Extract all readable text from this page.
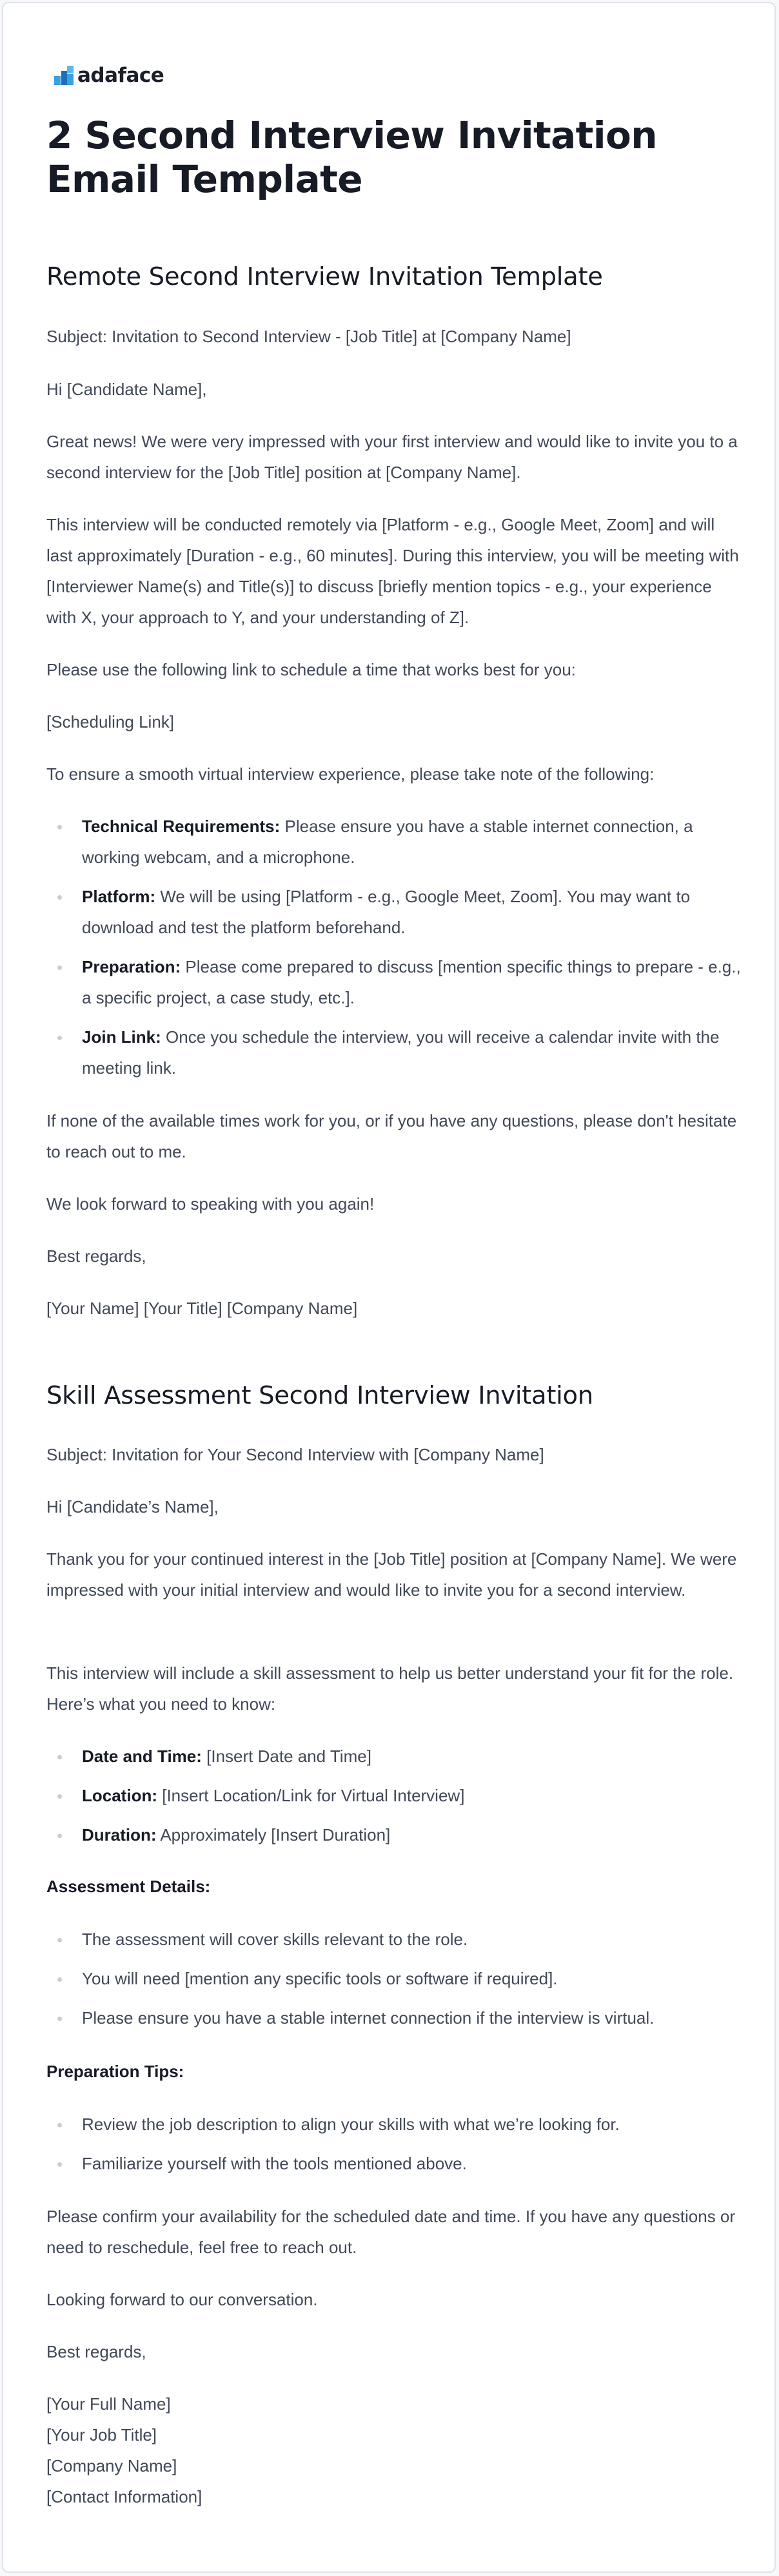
adaface
2 Second Interview Invitation Email Template
Remote Second Interview Invitation Template

Subject: Invitation to Second Interview - [Job Title] at [Company Name]

Hi [Candidate Name],

Great news! We were very impressed with your first interview and would like to invite you to a second interview for the [Job Title] position at [Company Name].

This interview will be conducted remotely via [Platform - e.g., Google Meet, Zoom] and will last approximately [Duration - e.g., 60 minutes]. During this interview, you will be meeting with [Interviewer Name(s) and Title(s)] to discuss [briefly mention topics - e.g., your experience with X, your approach to Y, and your understanding of Z].

Please use the following link to schedule a time that works best for you:

[Scheduling Link]

To ensure a smooth virtual interview experience, please take note of the following:

Technical Requirements: Please ensure you have a stable internet connection, a working webcam, and a microphone.
Platform: We will be using [Platform - e.g., Google Meet, Zoom]. You may want to download and test the platform beforehand.
Preparation: Please come prepared to discuss [mention specific things to prepare - e.g., a specific project, a case study, etc.].
Join Link: Once you schedule the interview, you will receive a calendar invite with the meeting link.

If none of the available times work for you, or if you have any questions, please don't hesitate to reach out to me.

We look forward to speaking with you again!

Best regards,

[Your Name] [Your Title] [Company Name]

Skill Assessment Second Interview Invitation

Subject: Invitation for Your Second Interview with [Company Name]

Hi [Candidate’s Name],

Thank you for your continued interest in the [Job Title] position at [Company Name]. We were impressed with your initial interview and would like to invite you for a second interview.

This interview will include a skill assessment to help us better understand your fit for the role. Here’s what you need to know:

Date and Time: [Insert Date and Time]
Location: [Insert Location/Link for Virtual Interview]
Duration: Approximately [Insert Duration]
Assessment Details:
The assessment will cover skills relevant to the role.
You will need [mention any specific tools or software if required].
Please ensure you have a stable internet connection if the interview is virtual.
Preparation Tips:
Review the job description to align your skills with what we’re looking for.
Familiarize yourself with the tools mentioned above.

Please confirm your availability for the scheduled date and time. If you have any questions or need to reschedule, feel free to reach out.

Looking forward to our conversation.

Best regards,

[Your Full Name]

[Your Job Title]

[Company Name]

[Contact Information]
